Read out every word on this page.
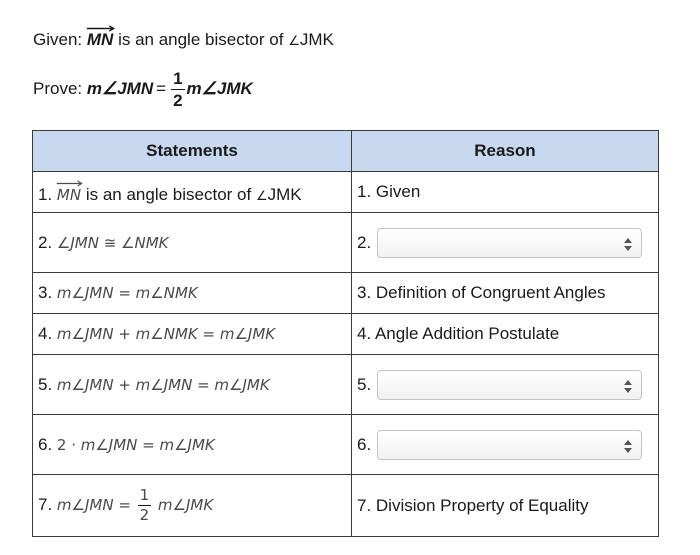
Given: MN is an angle bisector of ∠JMK
Prove:
m∠JMN = $\frac{1}{2}$ m∠JMK
Statements	Reason
1. MN is an angle bisector of ∠JMK	1. Given
2. ∠JMN ≅ ∠NMK	2.

3. m∠JMN = m∠NMK	3. Definition of Congruent Angles
4. m∠JMN + m∠NMK = m∠JMK	4. Angle Addition Postulate
5. m∠JMN + m∠JMN = m∠JMK	5.

6. 2 · m∠JMN = m∠JMK	6.

7. m∠JMN = $\frac{1}{2}$ m∠JMK	7. Division Property of Equality
